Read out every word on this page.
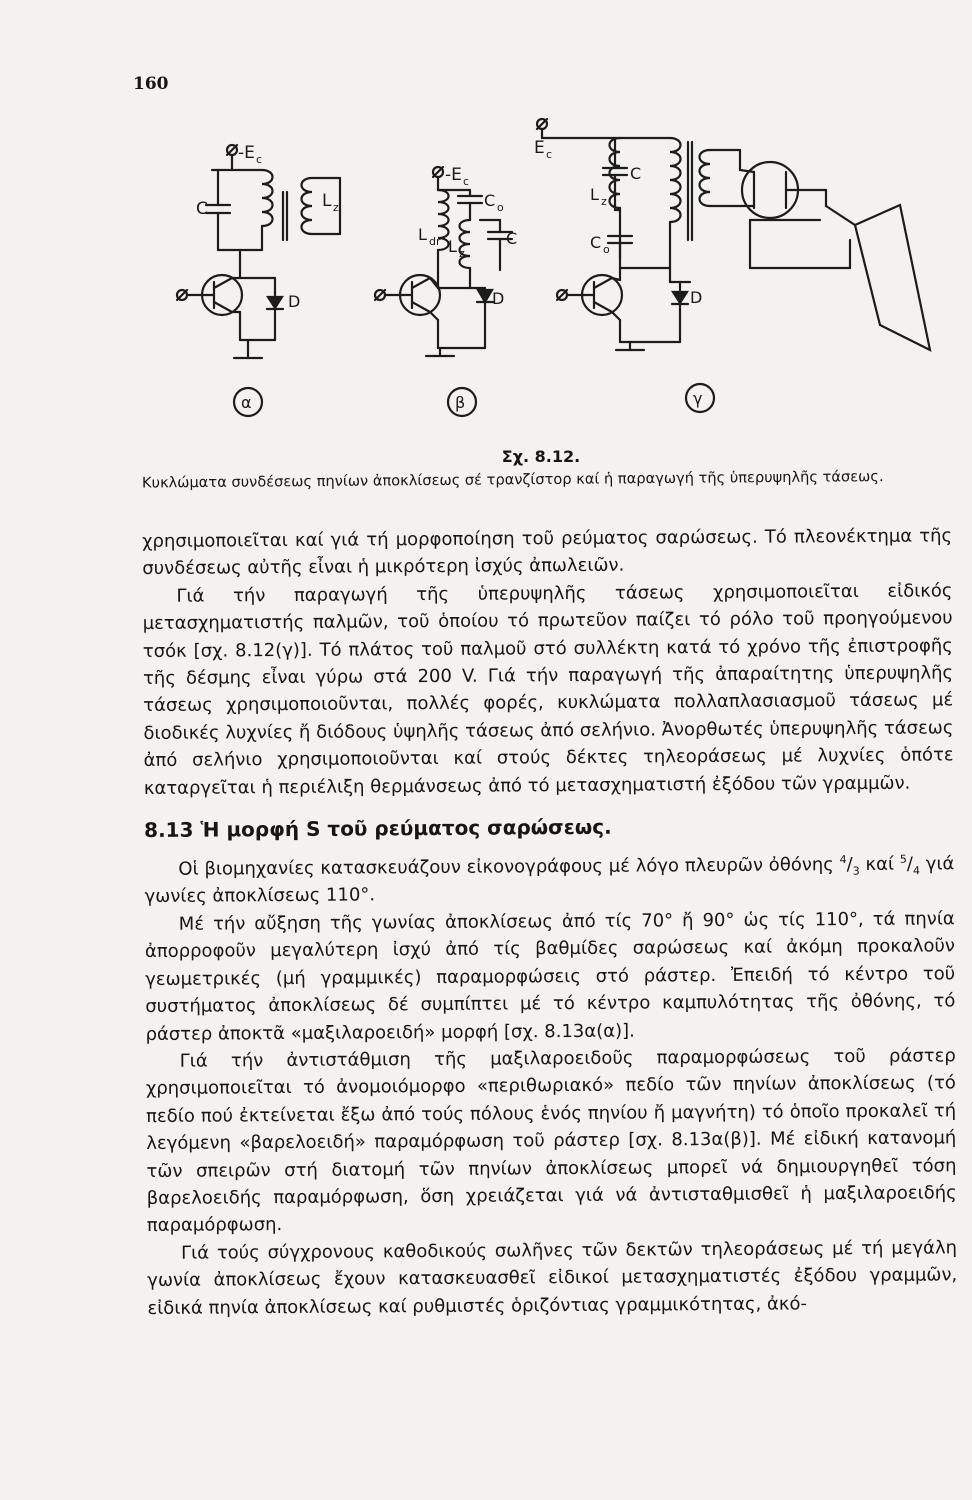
160
-E c
C	L z
D
α
-E c
C o
L dr L z
C
D
β
E c
C
L z
C o
D
γ
Σχ. 8.12.
Κυκλώματα συνδέσεως πηνίων ἀποκλίσεως σέ τρανζίστορ καί ἡ παραγωγή τῆς ὑπερυψηλῆς τάσεως.

χρησιμοποιεῖται καί γιά τή μορφοποίηση τοῦ ρεύματος σαρώσεως. Τό πλεονέκτημα τῆς συνδέσεως αὐτῆς εἶναι ἡ μικρότερη ἰσχύς ἀπωλειῶν.

Γιά τήν παραγωγή τῆς ὑπερυψηλῆς τάσεως χρησιμοποιεῖται εἰδικός μετασχηματιστής παλμῶν, τοῦ ὁποίου τό πρωτεῦον παίζει τό ρόλο τοῦ προηγούμενου τσόκ [σχ. 8.12(γ)]. Τό πλάτος τοῦ παλμοῦ στό συλλέκτη κατά τό χρόνο τῆς ἐπιστροφῆς τῆς δέσμης εἶναι γύρω στά 200 V. Γιά τήν παραγωγή τῆς ἀπαραίτητης ὑπερυψηλῆς τάσεως χρησιμοποιοῦνται, πολλές φορές, κυκλώματα πολλαπλασιασμοῦ τάσεως μέ διοδικές λυχνίες ἤ διόδους ὑψηλῆς τάσεως ἀπό σελήνιο. Ἀνορθωτές ὑπερυψηλῆς τάσεως ἀπό σελήνιο χρησιμοποιοῦνται καί στούς δέκτες τηλεοράσεως μέ λυχνίες ὁπότε καταργεῖται ἡ περιέλιξη θερμάνσεως ἀπό τό μετασχηματιστή ἐξόδου τῶν γραμμῶν.

8.13 Ἡ μορφή S τοῦ ρεύματος σαρώσεως.

Οἱ βιομηχανίες κατασκευάζουν εἰκονογράφους μέ λόγο πλευρῶν ὀθόνης $^4/_3$ καί $^5/_4$ γιά γωνίες ἀποκλίσεως 110°.

Μέ τήν αὔξηση τῆς γωνίας ἀποκλίσεως ἀπό τίς 70° ἤ 90° ὡς τίς 110°, τά πηνία ἀπορροφοῦν μεγαλύτερη ἰσχύ ἀπό τίς βαθμίδες σαρώσεως καί ἀκόμη προκαλοῦν γεωμετρικές (μή γραμμικές) παραμορφώσεις στό ράστερ. Ἐπειδή τό κέντρο τοῦ συστήματος ἀποκλίσεως δέ συμπίπτει μέ τό κέντρο καμπυλότητας τῆς ὀθόνης, τό ράστερ ἀποκτᾶ «μαξιλαροειδή» μορφή [σχ. 8.13α(α)].

Γιά τήν ἀντιστάθμιση τῆς μαξιλαροειδοῦς παραμορφώσεως τοῦ ράστερ χρησιμοποιεῖται τό ἀνομοιόμορφο «περιθωριακό» πεδίο τῶν πηνίων ἀποκλίσεως (τό πεδίο πού ἐκτείνεται ἔξω ἀπό τούς πόλους ἑνός πηνίου ἤ μαγνήτη) τό ὁποῖο προκαλεῖ τή λεγόμενη «βαρελοειδή» παραμόρφωση τοῦ ράστερ [σχ. 8.13α(β)]. Μέ εἰδική κατανομή τῶν σπειρῶν στή διατομή τῶν πηνίων ἀποκλίσεως μπορεῖ νά δημιουργηθεῖ τόση βαρελοειδής παραμόρφωση, ὅση χρειάζεται γιά νά ἀντισταθμισθεῖ ἡ μαξιλαροειδής παραμόρφωση.

Γιά τούς σύγχρονους καθοδικούς σωλῆνες τῶν δεκτῶν τηλεοράσεως μέ τή μεγάλη γωνία ἀποκλίσεως ἔχουν κατασκευασθεῖ εἰδικοί μετασχηματιστές ἐξόδου γραμμῶν, εἰδικά πηνία ἀποκλίσεως καί ρυθμιστές ὁριζόντιας γραμμικότητας, ἀκό-
